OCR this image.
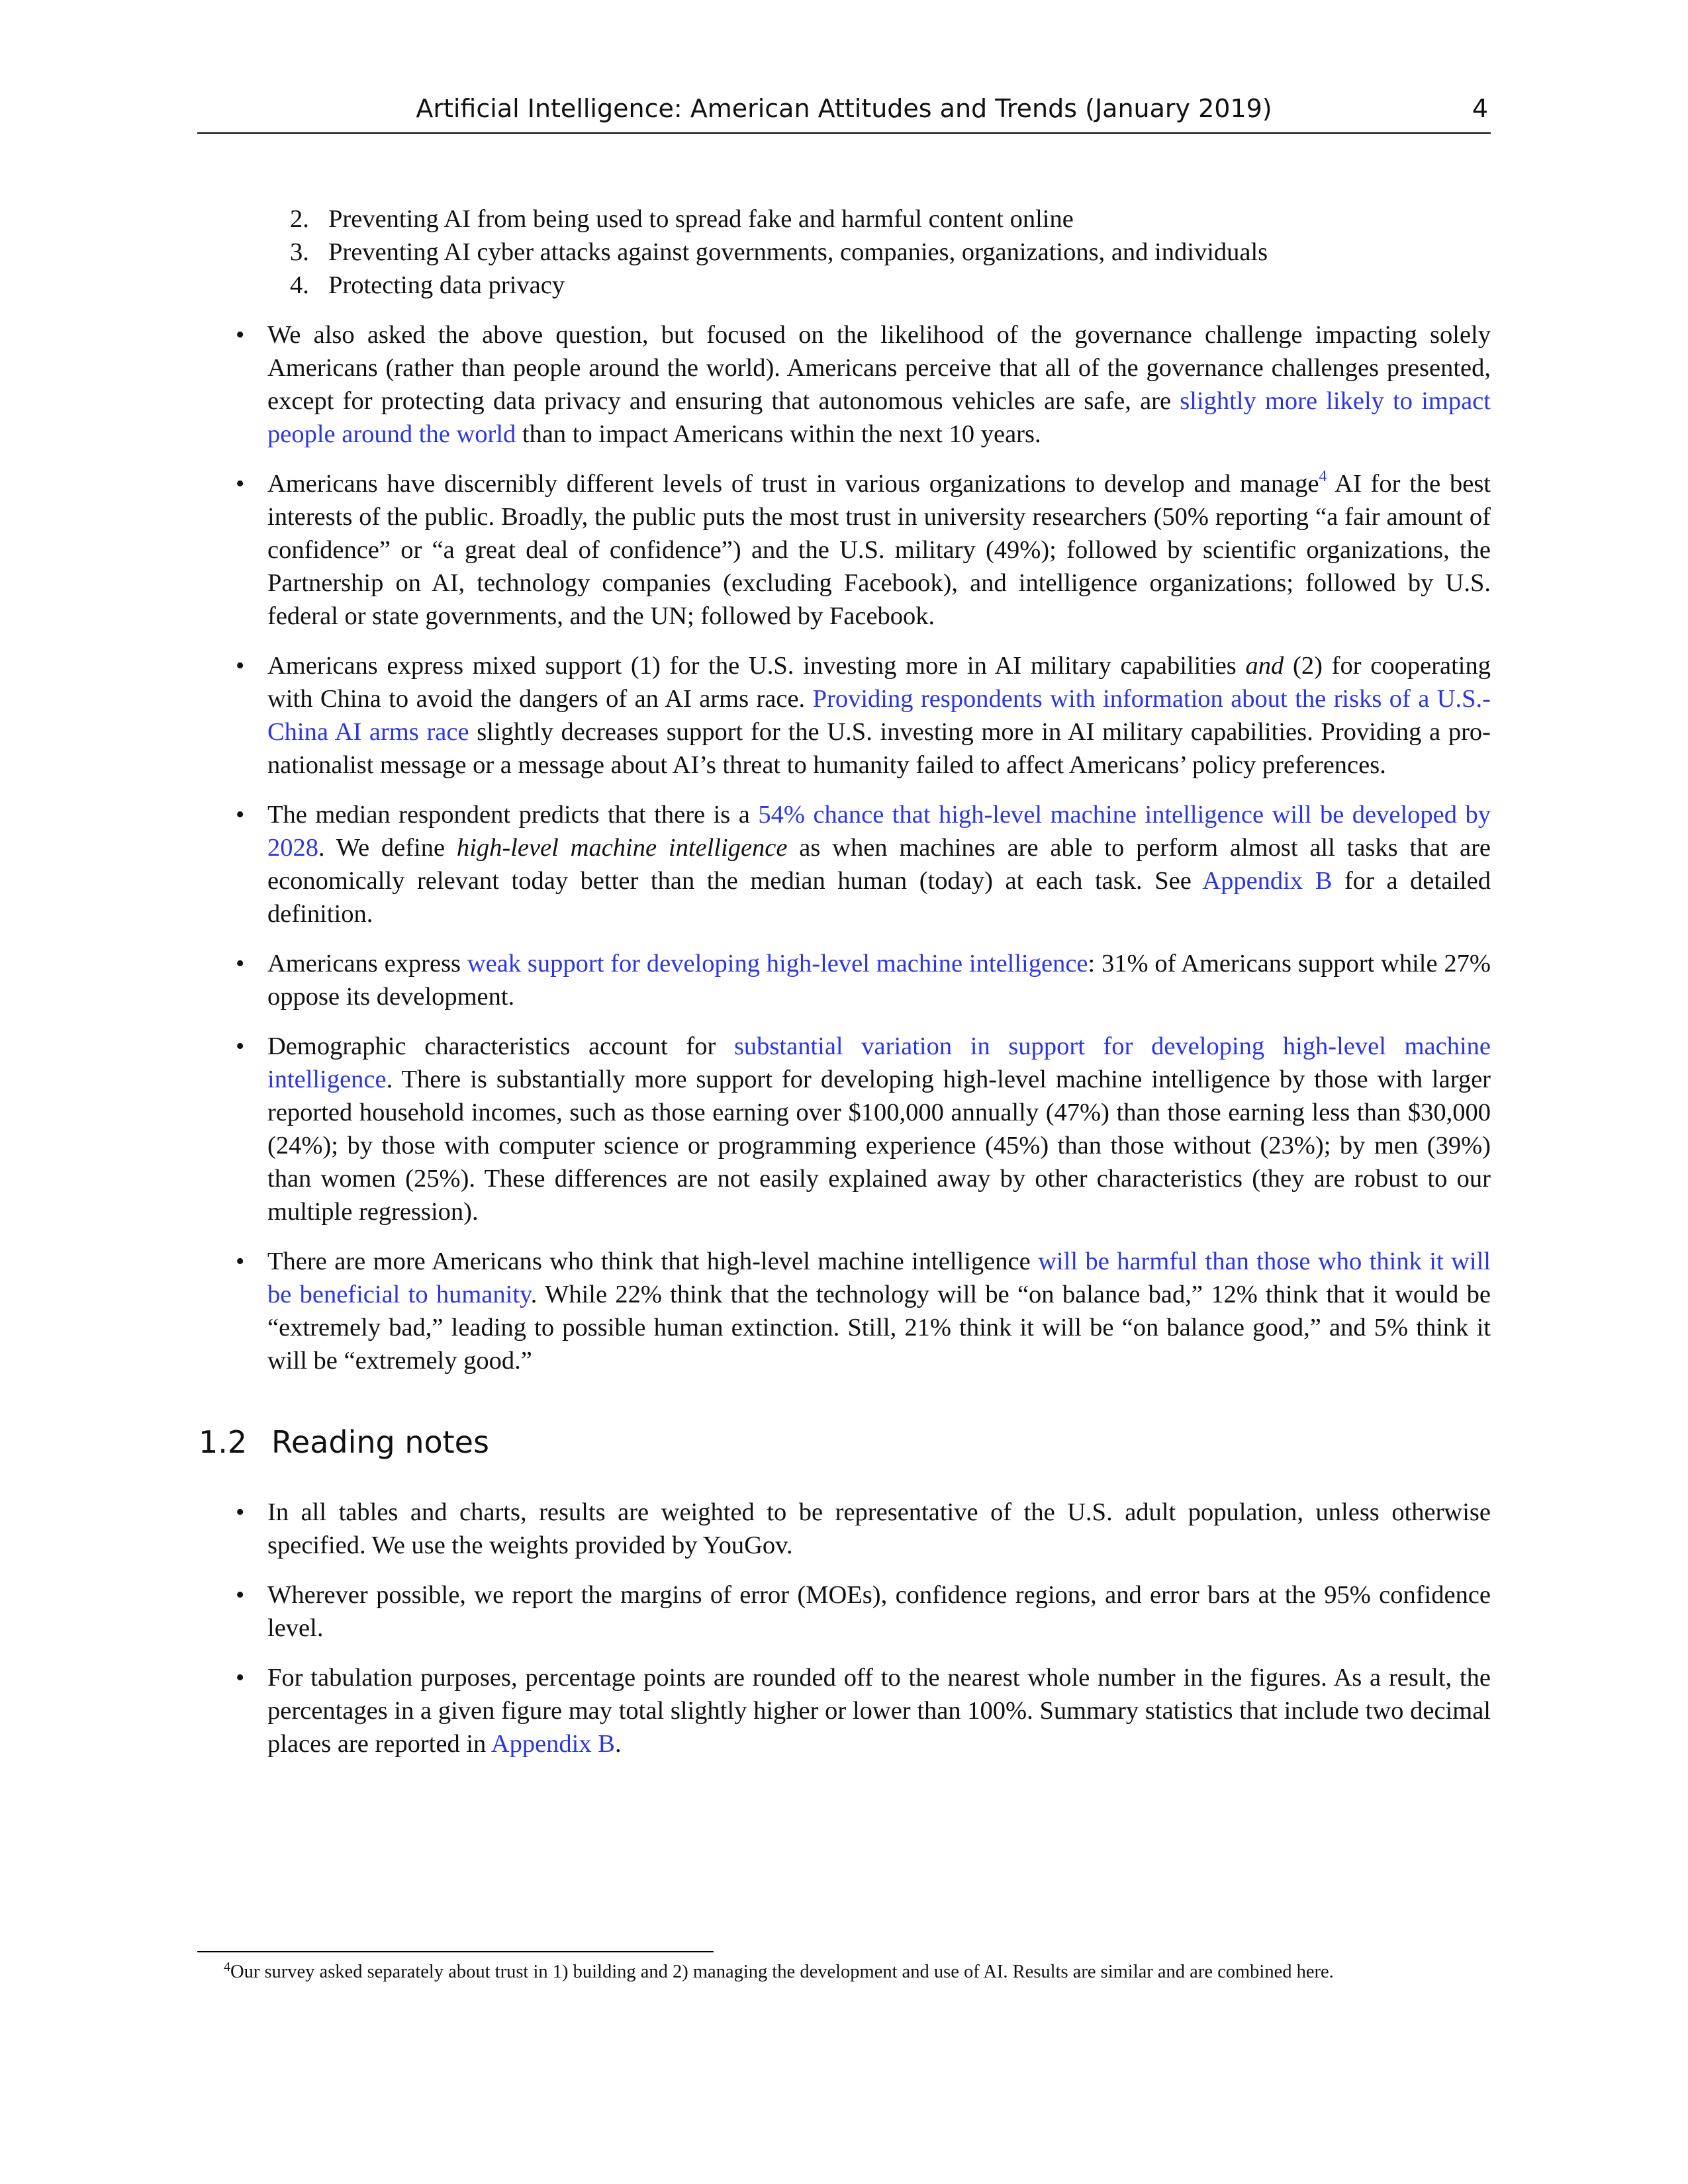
Artificial Intelligence: American Attitudes and Trends (January 2019)	4
2. Preventing AI from being used to spread fake and harmful content online
3. Preventing AI cyber attacks against governments, companies, organizations, and individuals
4. Protecting data privacy
• We also asked the above question, but focused on the likelihood of the governance challenge impacting solely Americans (rather than people around the world). Americans perceive that all of the governance challenges presented, except for protecting data privacy and ensuring that autonomous vehicles are safe, are slightly more likely to impact people around the world than to impact Americans within the next 10 years.
• Americans have discernibly different levels of trust in various organizations to develop and manage$^4$ AI for the best interests of the public. Broadly, the public puts the most trust in university researchers (50% reporting “a fair amount of confidence” or “a great deal of confidence”) and the U.S. military (49%); followed by scientific organizations, the Partnership on AI, technology companies (excluding Facebook), and intelligence organizations; followed by U.S. federal or state governments, and the UN; followed by Facebook.
• Americans express mixed support (1) for the U.S. investing more in AI military capabilities and (2) for cooperating with China to avoid the dangers of an AI arms race. Providing respondents with information about the risks of a U.S.-China AI arms race slightly decreases support for the U.S. investing more in AI military capabilities. Providing a pro-nationalist message or a message about AI’s threat to humanity failed to affect Americans’ policy preferences.
• The median respondent predicts that there is a 54% chance that high-level machine intelligence will be developed by 2028. We define high-level machine intelligence as when machines are able to perform almost all tasks that are economically relevant today better than the median human (today) at each task. See Appendix B for a detailed definition.
• Americans express weak support for developing high-level machine intelligence: 31% of Americans support while 27% oppose its development.
• Demographic characteristics account for substantial variation in support for developing high-level machine intelligence. There is substantially more support for developing high-level machine intelligence by those with larger reported household incomes, such as those earning over $100,000 annually (47%) than those earning less than $30,000 (24%); by those with computer science or programming experience (45%) than those without (23%); by men (39%) than women (25%). These differences are not easily explained away by other characteristics (they are robust to our multiple regression).
• There are more Americans who think that high-level machine intelligence will be harmful than those who think it will be beneficial to humanity. While 22% think that the technology will be “on balance bad,” 12% think that it would be “extremely bad,” leading to possible human extinction. Still, 21% think it will be “on balance good,” and 5% think it will be “extremely good.”
1.2 Reading notes
• In all tables and charts, results are weighted to be representative of the U.S. adult population, unless otherwise specified. We use the weights provided by YouGov.
• Wherever possible, we report the margins of error (MOEs), confidence regions, and error bars at the 95% confidence level.
• For tabulation purposes, percentage points are rounded off to the nearest whole number in the figures. As a result, the percentages in a given figure may total slightly higher or lower than 100%. Summary statistics that include two decimal places are reported in Appendix B.
$^4$Our survey asked separately about trust in 1) building and 2) managing the development and use of AI. Results are similar and are combined here.
